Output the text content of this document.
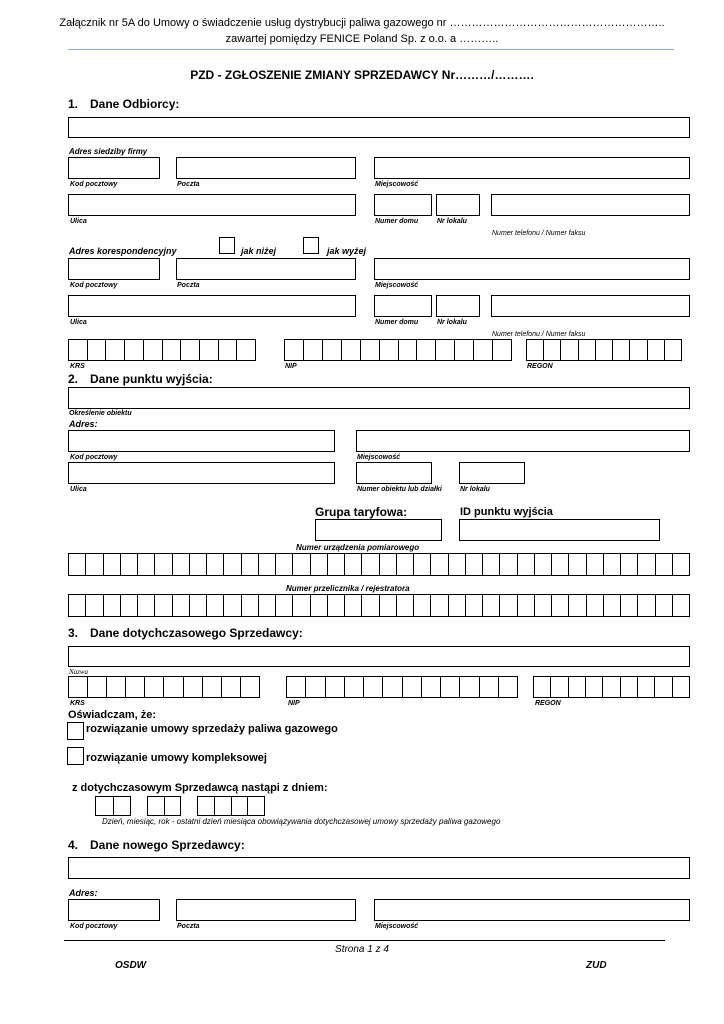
Załącznik nr 5A do Umowy o świadczenie usług dystrybucji paliwa gazowego nr …………………………………………………..
zawartej pomiędzy FENICE Poland Sp. z o.o. a ………..
PZD - ZGŁOSZENIE ZMIANY SPRZEDAWCY Nr………/……….
1. Dane Odbiorcy:
Adres siedziby firmy
Kod pocztowy	Poczta	Miejscowość
Ulica	Numer domu	Nr lokalu
Numer telefonu / Numer faksu
Adres korespondencyjny	jak niżej	jak wyżej
Kod pocztowy	Poczta	Miejscowość
Ulica	Numer domu	Nr lokalu
Numer telefonu / Numer faksu
KRS	NIP	REGON
2. Dane punktu wyjścia:
Określenie obiektu
Adres:
Kod pocztowy	Miejscowość
Ulica	Numer obiektu lub działki	Nr lokalu
Grupa taryfowa:	ID punktu wyjścia
Numer urządzenia pomiarowego
Numer przelicznika / rejestratora
3. Dane dotychczasowego Sprzedawcy:
Nazwa
KRS	NIP	REGON
Oświadczam, że:
rozwiązanie umowy sprzedaży paliwa gazowego
rozwiązanie umowy kompleksowej
z dotychczasowym Sprzedawcą nastąpi z dniem:
Dzień, miesiąc, rok - ostatni dzień miesiąca obowiązywania dotychczasowej umowy sprzedaży paliwa gazowego
4. Dane nowego Sprzedawcy:
Adres:
Kod pocztowy	Poczta	Miejscowość
Strona 1 z 4
OSDW	ZUD
